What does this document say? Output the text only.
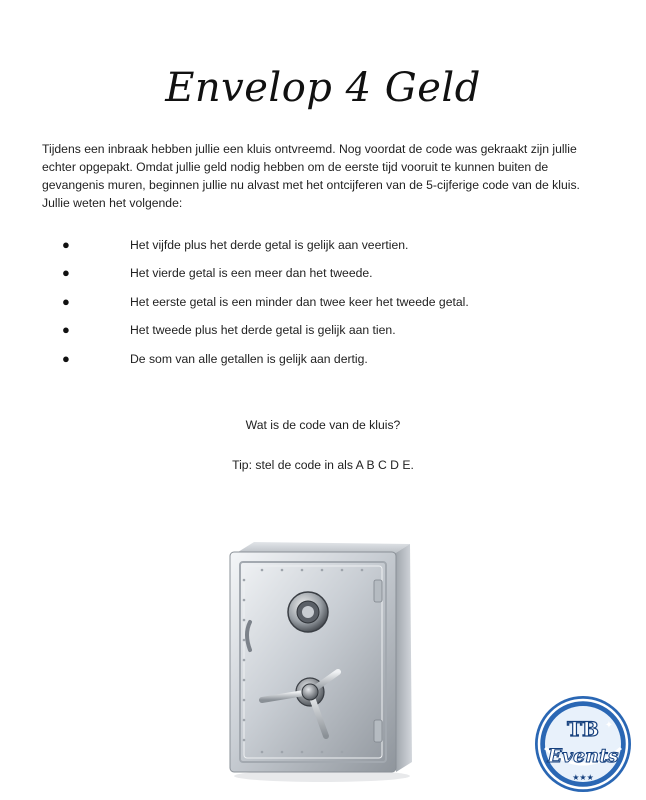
Envelop 4 Geld

Tijdens een inbraak hebben jullie een kluis ontvreemd. Nog voordat de code was gekraakt zijn jullie echter opgepakt. Omdat jullie geld nodig hebben om de eerste tijd vooruit te kunnen buiten de gevangenis muren, beginnen jullie nu alvast met het ontcijferen van de 5-cijferige code van de kluis. Jullie weten het volgende:

●	Het vijfde plus het derde getal is gelijk aan veertien.
●	Het vierde getal is een meer dan het tweede.
●	Het eerste getal is een minder dan twee keer het tweede getal.
●	Het tweede plus het derde getal is gelijk aan tien.
●	De som van alle getallen is gelijk aan dertig.
Wat is de code van de kluis?
Tip: stel de code in als A B C D E.
TB
Events
★★★
✦
